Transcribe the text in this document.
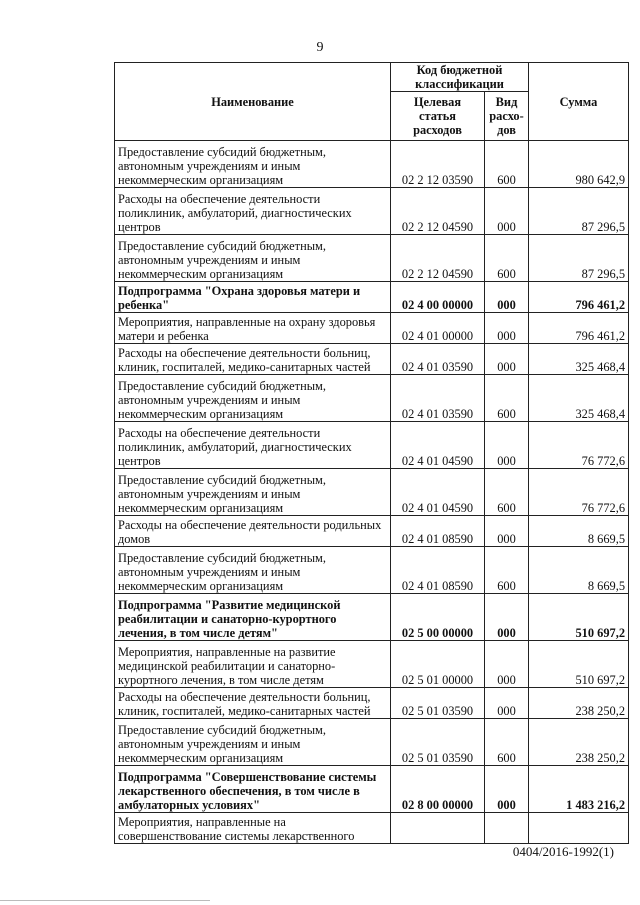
9
Наименование	Код бюджетной классификации		Сумма
	Целевая статья расходов	Вид расхо-дов	
Предоставление субсидий бюджетным, автономным учреждениям и иным некоммерческим организациям	02 2 12 03590	600	980 642,9
Расходы на обеспечение деятельности поликлиник, амбулаторий, диагностических центров	02 2 12 04590	000	87 296,5
Предоставление субсидий бюджетным, автономным учреждениям и иным некоммерческим организациям	02 2 12 04590	600	87 296,5
Подпрограмма "Охрана здоровья матери и ребенка"	02 4 00 00000	000	796 461,2
Мероприятия, направленные на охрану здоровья матери и ребенка	02 4 01 00000	000	796 461,2
Расходы на обеспечение деятельности больниц, клиник, госпиталей, медико-санитарных частей	02 4 01 03590	000	325 468,4
Предоставление субсидий бюджетным, автономным учреждениям и иным некоммерческим организациям	02 4 01 03590	600	325 468,4
Расходы на обеспечение деятельности поликлиник, амбулаторий, диагностических центров	02 4 01 04590	000	76 772,6
Предоставление субсидий бюджетным, автономным учреждениям и иным некоммерческим организациям	02 4 01 04590	600	76 772,6
Расходы на обеспечение деятельности родильных домов	02 4 01 08590	000	8 669,5
Предоставление субсидий бюджетным, автономным учреждениям и иным некоммерческим организациям	02 4 01 08590	600	8 669,5
Подпрограмма "Развитие медицинской реабилитации и санаторно-курортного лечения, в том числе детям"	02 5 00 00000	000	510 697,2
Мероприятия, направленные на развитие медицинской реабилитации и санаторно-курортного лечения, в том числе детям	02 5 01 00000	000	510 697,2
Расходы на обеспечение деятельности больниц, клиник, госпиталей, медико-санитарных частей	02 5 01 03590	000	238 250,2
Предоставление субсидий бюджетным, автономным учреждениям и иным некоммерческим организациям	02 5 01 03590	600	238 250,2
Подпрограмма "Совершенствование системы лекарственного обеспечения, в том числе в амбулаторных условиях"	02 8 00 00000	000	1 483 216,2
Мероприятия, направленные на совершенствование системы лекарственного			
0404/2016-1992(1)
